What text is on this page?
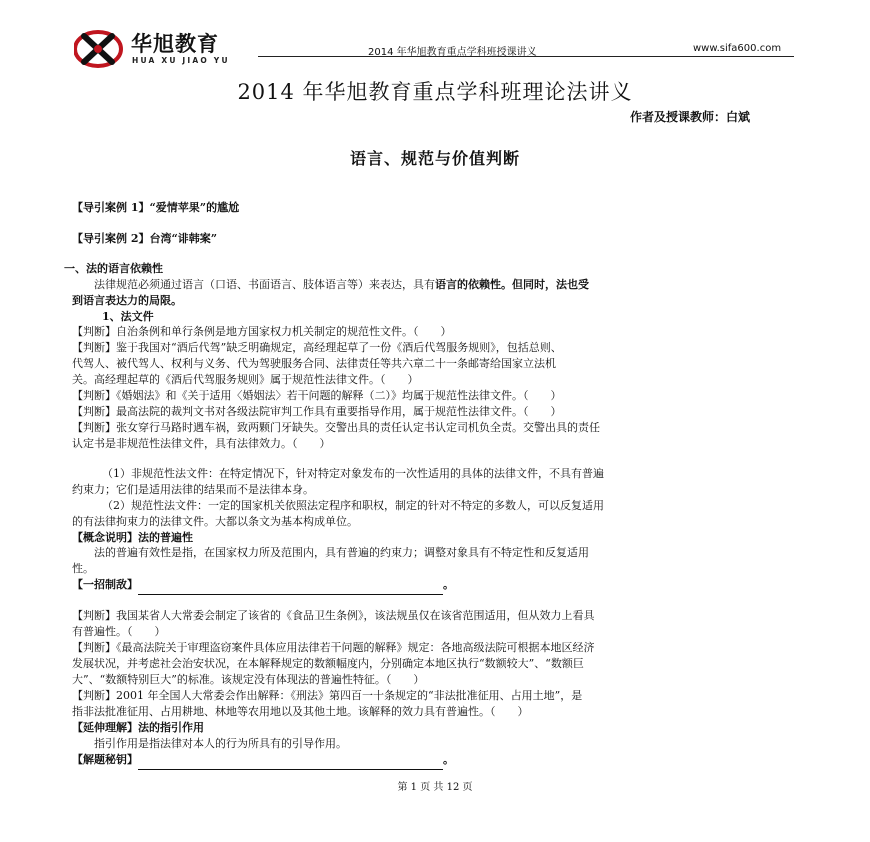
华旭教育
HUA XU JIAO YU
2014 年华旭教育重点学科班授课讲义	www.sifa600.com
2014 年华旭教育重点学科班理论法讲义
作者及授课教师：白斌
语言、规范与价值判断
【导引案例 1】“爱情苹果”的尴尬
【导引案例 2】台湾“诽韩案”
一、法的语言依赖性
法律规范必须通过语言（口语、书面语言、肢体语言等）来表达，具有语言的依赖性。但同时，法也受
到语言表达力的局限。
1、法文件
【判断】自治条例和单行条例是地方国家权力机关制定的规范性文件。（　　）
【判断】鉴于我国对“酒后代驾”缺乏明确规定，高经理起草了一份《酒后代驾服务规则》，包括总则、
代驾人、被代驾人、权利与义务、代为驾驶服务合同、法律责任等共六章二十一条邮寄给国家立法机
关。高经理起草的《酒后代驾服务规则》属于规范性法律文件。（　　）
【判断】《婚姻法》和《关于适用〈婚姻法〉若干问题的解释（二）》均属于规范性法律文件。（　　）
【判断】最高法院的裁判文书对各级法院审判工作具有重要指导作用，属于规范性法律文件。（　　）
【判断】张女穿行马路时遇车祸，致两颗门牙缺失。交警出具的责任认定书认定司机负全责。交警出具的责任
认定书是非规范性法律文件，具有法律效力。（　　）
（1）非规范性法文件：在特定情况下，针对特定对象发布的一次性适用的具体的法律文件，不具有普遍
约束力；它们是适用法律的结果而不是法律本身。
（2）规范性法文件：一定的国家机关依照法定程序和职权，制定的针对不特定的多数人，可以反复适用
的有法律拘束力的法律文件。大都以条文为基本构成单位。
【概念说明】法的普遍性
法的普遍有效性是指，在国家权力所及范围内，具有普遍的约束力；调整对象具有不特定性和反复适用
性。
【一招制敌】	。
【判断】我国某省人大常委会制定了该省的《食品卫生条例》，该法规虽仅在该省范围适用，但从效力上看具
有普遍性。（　　）
【判断】《最高法院关于审理盗窃案件具体应用法律若干问题的解释》规定：各地高级法院可根据本地区经济
发展状况，并考虑社会治安状况，在本解释规定的数额幅度内，分别确定本地区执行“数额较大”、“数额巨
大”、“数额特别巨大”的标准。该规定没有体现法的普遍性特征。（　　）
【判断】2001 年全国人大常委会作出解释：《刑法》第四百一十条规定的“非法批准征用、占用土地”，是
指非法批准征用、占用耕地、林地等农用地以及其他土地。该解释的效力具有普遍性。（　　）
【延伸理解】法的指引作用
指引作用是指法律对本人的行为所具有的引导作用。
【解题秘钥】	。
第 1 页 共 12 页
